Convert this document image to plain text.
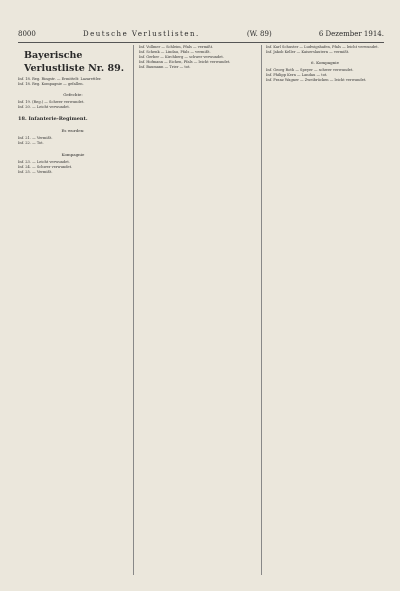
8000	Deutsche Verlustlisten.	(W. 89)	6 Dezember 1914.
Bayerische Verlustliste Nr. 89.
Inf. 18. Reg. Ringstr. — Ermittelt: Lazarettler.
Inf. 18. Reg. Kompagnie — gefallen.
Gefechte:
Inf. 19. (Reg.) — Schwer verwundet.
Inf. 20. — Leicht verwundet.
18. Infanterie-Regiment.
Es wurden:
Inf. 21. — Vermißt.
Inf. 22. — Tot.
Kompagnie
Inf. 23. — Leicht verwundet.
Inf. 24. — Schwer verwundet.
Inf. 25. — Vermißt.
Inf. Vollmer — Schleim, Pfals — vermißt.
Inf. Schenk — Lindau, Pfals — vermißt.
Inf. Gerber — Kirchberg — schwer verwundet.
Inf. Hofmann — Eichen, Pfals — leicht verwundet.
Inf. Baumann — Trier — tot.
Inf. Karl Schuster — Ludwigshafen, Pfals — leicht verwundet.
Inf. Jakob Keller — Kaiserslautern — vermißt.
6. Kompagnie
Inf. Georg Roth — Speyer — schwer verwundet.
Inf. Philipp Kern — Landau — tot.
Inf. Franz Wagner — Zweibrücken — leicht verwundet.
